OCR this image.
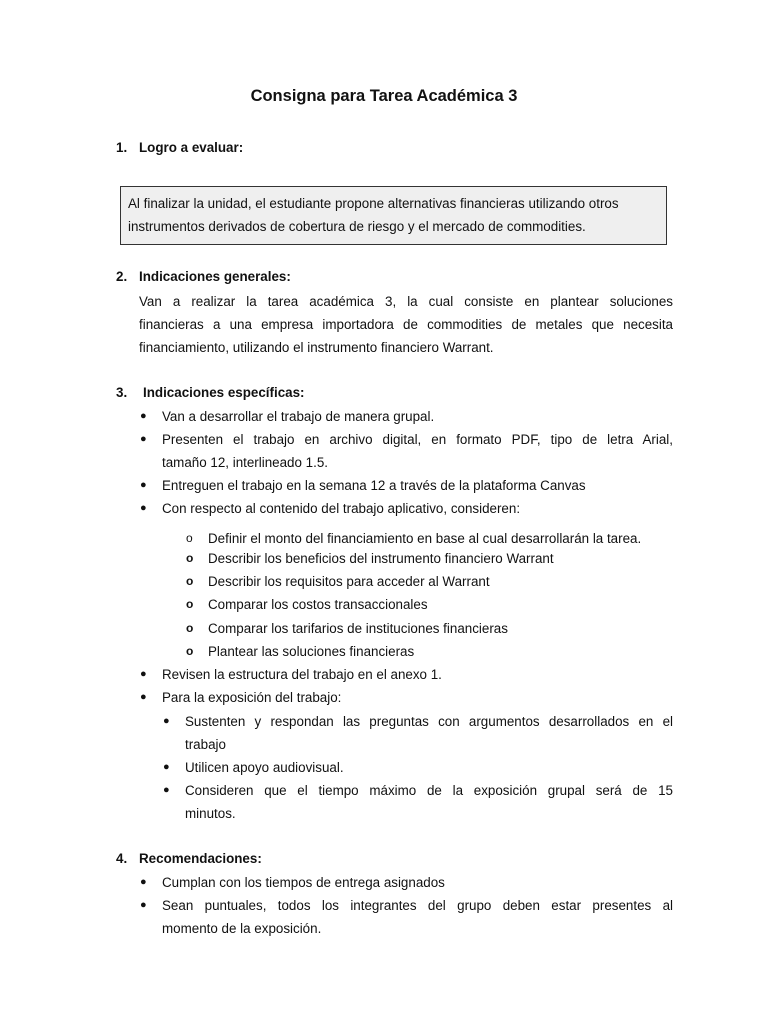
Consigna para Tarea Académica 3
1. Logro a evaluar:
Al finalizar la unidad, el estudiante propone alternativas financieras utilizando otros
instrumentos derivados de cobertura de riesgo y el mercado de commodities.
2. Indicaciones generales:
Van a realizar la tarea académica 3, la cual consiste en plantear soluciones
financieras a una empresa importadora de commodities de metales que necesita
financiamiento, utilizando el instrumento financiero Warrant.
3. Indicaciones específicas:
● Van a desarrollar el trabajo de manera grupal.
● Presenten el trabajo en archivo digital, en formato PDF, tipo de letra Arial,
tamaño 12, interlineado 1.5.
● Entreguen el trabajo en la semana 12 a través de la plataforma Canvas
● Con respecto al contenido del trabajo aplicativo, consideren:
o Definir el monto del financiamiento en base al cual desarrollarán la tarea.
o Describir los beneficios del instrumento financiero Warrant
o Describir los requisitos para acceder al Warrant
o Comparar los costos transaccionales
o Comparar los tarifarios de instituciones financieras
o Plantear las soluciones financieras
● Revisen la estructura del trabajo en el anexo 1.
● Para la exposición del trabajo:
● Sustenten y respondan las preguntas con argumentos desarrollados en el
trabajo
● Utilicen apoyo audiovisual.
● Consideren que el tiempo máximo de la exposición grupal será de 15
minutos.
4. Recomendaciones:
● Cumplan con los tiempos de entrega asignados
● Sean puntuales, todos los integrantes del grupo deben estar presentes al
momento de la exposición.
